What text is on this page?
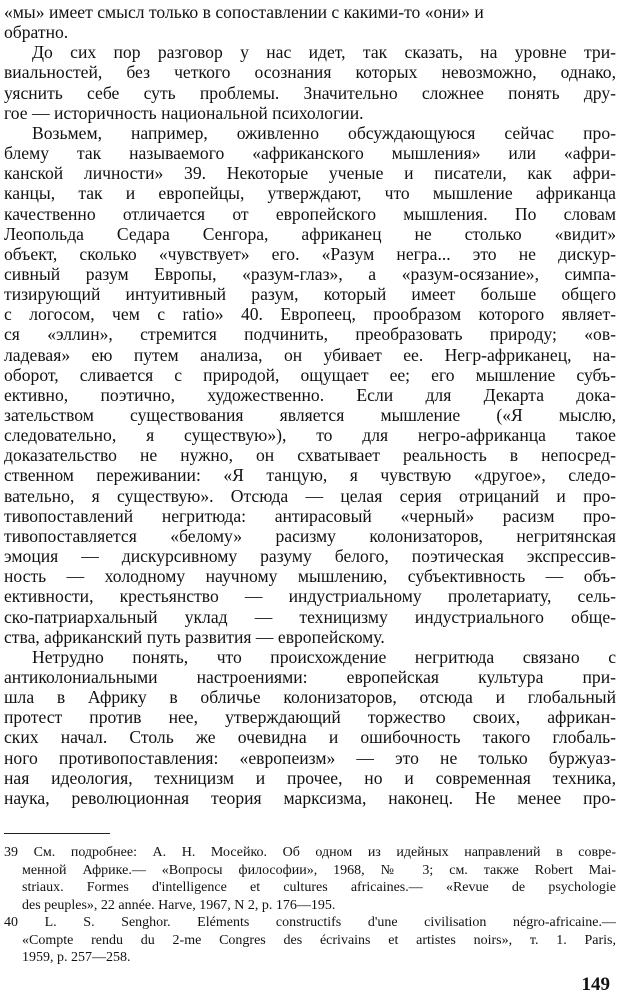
«мы» имеет смысл только в сопоставлении с какими-то «они» и
обратно.
До сих пор разговор у нас идет, так сказать, на уровне три-
виальностей, без четкого осознания которых невозможно, однако,
уяснить себе суть проблемы. Значительно сложнее понять дру-
гое — историчность национальной психологии.
Возьмем, например, оживленно обсуждающуюся сейчас про-
блему так называемого «африканского мышления» или «афри-
канской личности» 39. Некоторые ученые и писатели, как афри-
канцы, так и европейцы, утверждают, что мышление африканца
качественно отличается от европейского мышления. По словам
Леопольда Седара Сенгора, африканец не столько «видит»
объект, сколько «чувствует» его. «Разум негра... это не дискур-
сивный разум Европы, «разум-глаз», а «разум-осязание», симпа-
тизирующий интуитивный разум, который имеет больше общего
с логосом, чем с ratio» 40. Европеец, прообразом которого являет-
ся «эллин», стремится подчинить, преобразовать природу; «ов-
ладевая» ею путем анализа, он убивает ее. Негр-африканец, на-
оборот, сливается с природой, ощущает ее; его мышление субъ-
ективно, поэтично, художественно. Если для Декарта дока-
зательством существования является мышление («Я мыслю,
следовательно, я существую»), то для негро-африканца такое
доказательство не нужно, он схватывает реальность в непосред-
ственном переживании: «Я танцую, я чувствую «другое», следо-
вательно, я существую». Отсюда — целая серия отрицаний и про-
тивопоставлений негритюда: антирасовый «черный» расизм про-
тивопоставляется «белому» расизму колонизаторов, негритянская
эмоция — дискурсивному разуму белого, поэтическая экспрессив-
ность — холодному научному мышлению, субъективность — объ-
ективности, крестьянство — индустриальному пролетариату, сель-
ско-патриархальный уклад — техницизму индустриального обще-
ства, африканский путь развития — европейскому.
Нетрудно понять, что происхождение негритюда связано с
антиколониальными настроениями: европейская культура при-
шла в Африку в обличье колонизаторов, отсюда и глобальный
протест против нее, утверждающий торжество своих, африкан-
ских начал. Столь же очевидна и ошибочность такого глобаль-
ного противопоставления: «европеизм» — это не только буржуаз-
ная идеология, техницизм и прочее, но и современная техника,
наука, революционная теория марксизма, наконец. Не менее про-
39 См. подробнее: А. Н. Мосейко. Об одном из идейных направлений в совре-
менной Африке.— «Вопросы философии», 1968, № 3; см. также Robert Mai-
striaux. Formes d'intelligence et cultures africaines.— «Revue de psychologie
des peuples», 22 année. Harve, 1967, N 2, p. 176—195.
40 L. S. Senghor. Eléments constructifs d'une civilisation négro-africaine.—
«Compte rendu du 2-me Congres des écrivains et artistes noirs», т. 1. Paris,
1959, p. 257—258.
149
